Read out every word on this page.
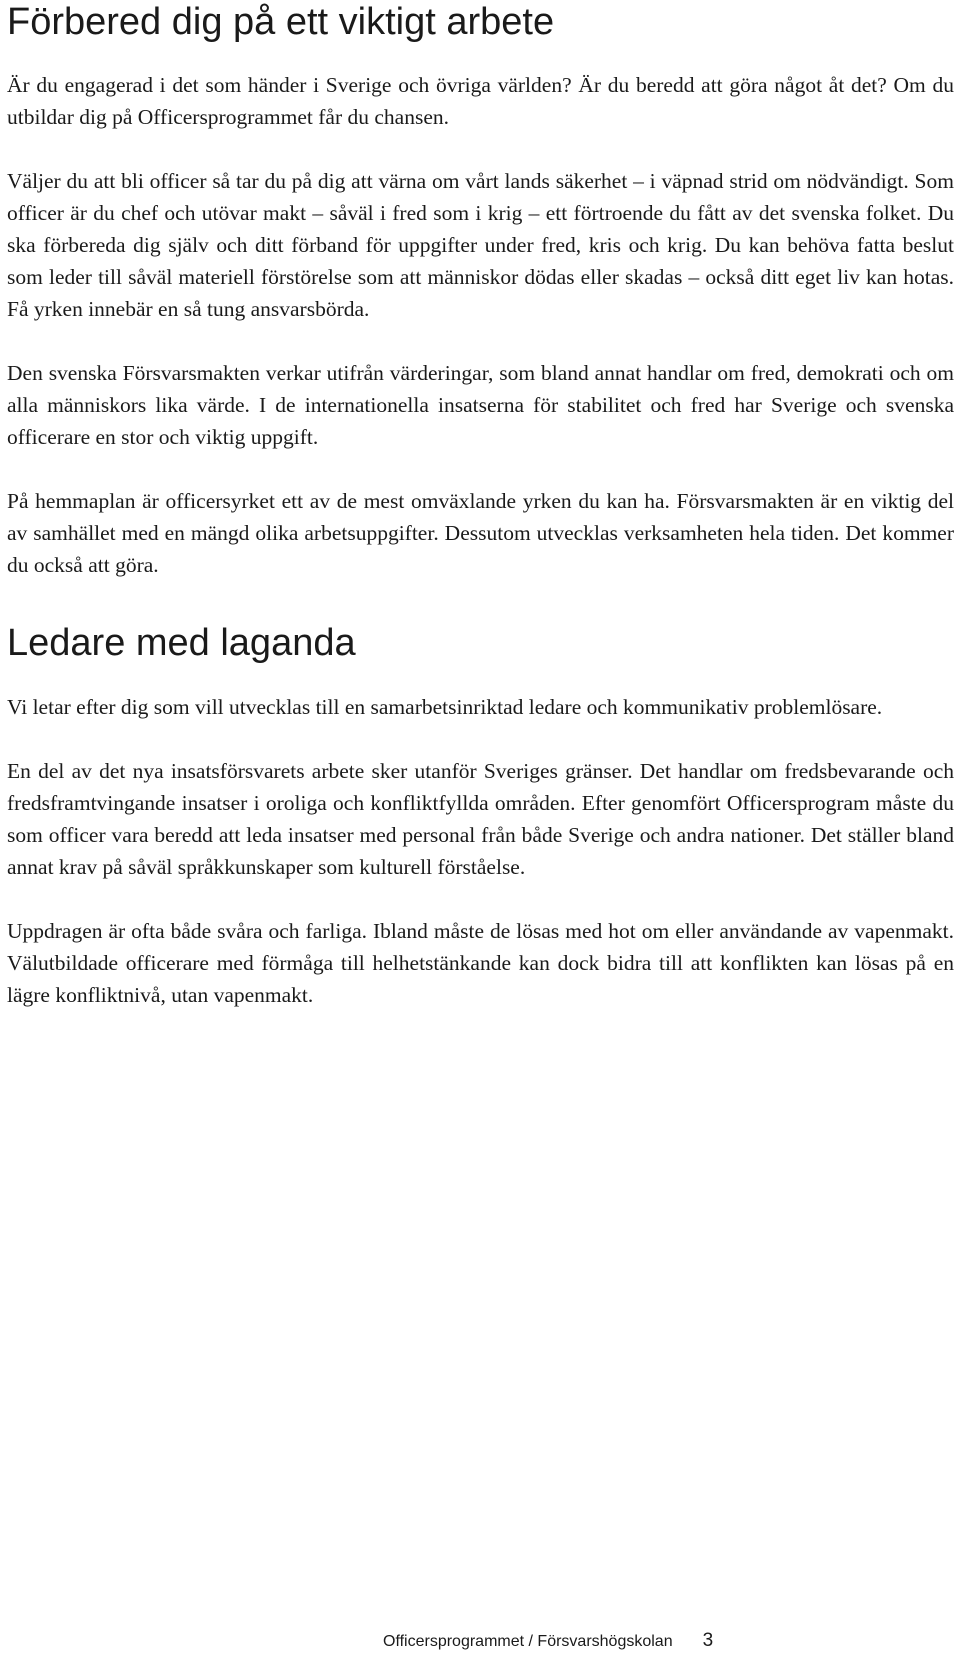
Förbered dig på ett viktigt arbete

Är du engagerad i det som händer i Sverige och övriga världen? Är du beredd att göra något åt det? Om du utbildar dig på Officersprogrammet får du chansen.

Väljer du att bli officer så tar du på dig att värna om vårt lands säkerhet – i väpnad strid om nödvändigt. Som officer är du chef och utövar makt – såväl i fred som i krig – ett förtroende du fått av det svenska folket. Du ska förbereda dig själv och ditt förband för uppgifter under fred, kris och krig. Du kan behöva fatta beslut som leder till såväl materiell förstörelse som att människor dödas eller skadas – också ditt eget liv kan hotas. Få yrken innebär en så tung ansvarsbörda.

Den svenska Försvarsmakten verkar utifrån värderingar, som bland annat handlar om fred, demokrati och om alla människors lika värde. I de internationella insatserna för stabilitet och fred har Sverige och svenska officerare en stor och viktig uppgift.

På hemmaplan är officersyrket ett av de mest omväxlande yrken du kan ha. Försvarsmakten är en viktig del av samhället med en mängd olika arbetsuppgifter. Dessutom utvecklas verksamheten hela tiden. Det kommer du också att göra.

Ledare med laganda

Vi letar efter dig som vill utvecklas till en samarbetsinriktad ledare och kommunikativ problemlösare.

En del av det nya insatsförsvarets arbete sker utanför Sveriges gränser. Det handlar om fredsbevarande och fredsframtvingande insatser i oroliga och konfliktfyllda områden. Efter genomfört Officersprogram måste du som officer vara beredd att leda insatser med personal från både Sverige och andra nationer. Det ställer bland annat krav på såväl språkkunskaper som kulturell förståelse.

Uppdragen är ofta både svåra och farliga. Ibland måste de lösas med hot om eller användande av vapenmakt. Välutbildade officerare med förmåga till helhetstänkande kan dock bidra till att konflikten kan lösas på en lägre konfliktnivå, utan vapenmakt.

Officersprogrammet / Försvarshögskolan 3
